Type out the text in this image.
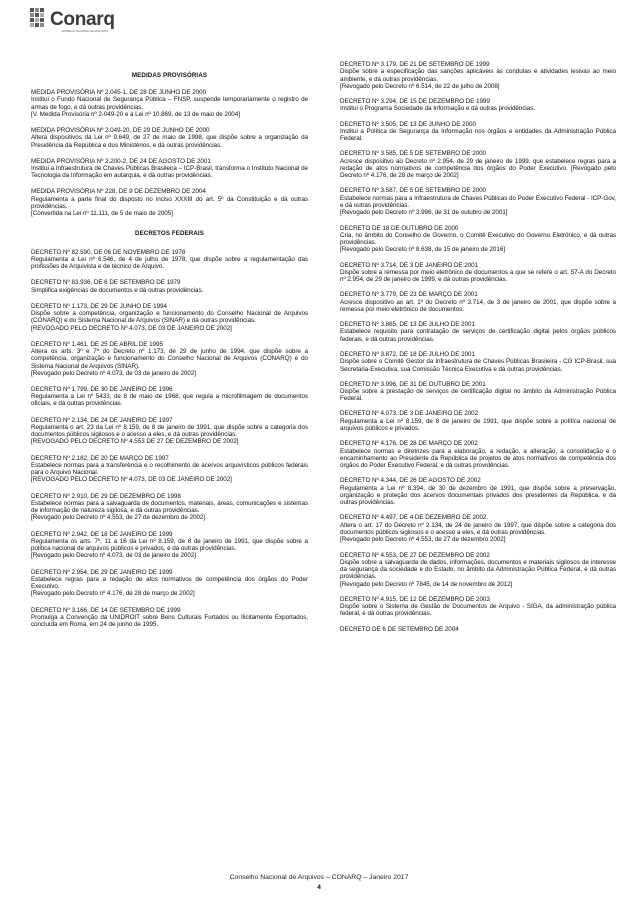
Conarq
CONSELHO NACIONAL DE ARQUIVOS
MEDIDAS PROVISÓRIAS
MEDIDA PROVISÓRIA Nº 2.045-1, DE 28 DE JUNHO DE 2000
Institui o Fundo Nacional de Segurança Pública – FNSP, suspende temporariamente o registro de armas de fogo, e dá outras providências.
[V. Medida Provisória nº 2-049-20 e a Lei nº 10.869, de 13 de maio de 2004]
MEDIDA PROVISÓRIA Nº 2.049-20, DE 29 DE JUNHO DE 2000
Altera dispositivos da Lei nº 9.649, de 27 de maio de 1998, que dispõe sobre a organização da Presidência da República e dos Ministérios, e dá outras providências.
MEDIDA PROVISÓRIA Nº 2.200-2, DE 24 DE AGOSTO DE 2001
Institui a Infraestrutura de Chaves Públicas Brasileira – ICP-Brasil, transforma o Instituto Nacional de Tecnologia da Informação em autarquia, e dá outras providências.
MEDIDA PROVISÓRIA Nº 228, DE 9 DE DEZEMBRO DE 2004
Regulamenta a parte final do disposto no inciso XXXIII do art. 5º da Constituição e dá outras providências.
[Convertida na Lei nº 11.111, de 5 de maio de 2005]
DECRETOS FEDERAIS
DECRETO Nº 82.590, DE 06 DE NOVEMBRO DE 1978
Regulamenta a Lei nº 6.546, de 4 de julho de 1978, que dispõe sobre a regulamentação das profissões de Arquivista e de técnico de Arquivo.
DECRETO Nº 83.936, DE 6 DE SETEMBRO DE 1979
Simplifica exigências de documentos e dá outras providências.
DECRETO Nº 1.173, DE 29 DE JUNHO DE 1994
Dispõe sobre a competência, organização e funcionamento do Conselho Nacional de Arquivos (CONARQ) e do Sistema Nacional de Arquivos (SINAR) e dá outras providências.
[REVOGADO PELO DECRETO Nº 4.073, DE 03 DE JANEIRO DE 2002]
DECRETO Nº 1.461, DE 25 DE ABRIL DE 1995
Altera os arts. 3º e 7º do Decreto nº 1.173, de 29 de junho de 1994, que dispõe sobre a competência, organização e funcionamento do Conselho Nacional de Arquivos (CONARQ) e do Sistema Nacional de Arquivos (SINAR).
[Revogado pelo Decreto nº 4.073, de 03 de janeiro de 2002]
DECRETO Nº 1.799, DE 30 DE JANEIRO DE 1996
Regulamenta a Lei nº 5433, de 8 de maio de 1968, que regula a microfilmagem de documentos oficiais, e dá outras providências.
DECRETO Nº 2.134, DE 24 DE JANEIRO DE 1997
Regulamenta o art. 23 da Lei nº 8.159, de 8 de janeiro de 1991, que dispõe sobre a categoria dos documentos públicos sigilosos e o acesso a eles, e dá outras providências.
[REVOGADO PELO DECRETO Nº 4.553 DE 27 DE DEZEMBRO DE 2002]
DECRETO Nº 2.182, DE 20 DE MARÇO DE 1997
Estabelece normas para a transferência e o recolhimento de acervos arquivísticos públicos federais para o Arquivo Nacional.
[REVOGADO PELO DECRETO Nº 4.073, DE 03 DE JANEIRO DE 2002]
DECRETO Nº 2.910, DE 29 DE DEZEMBRO DE 1998
Estabelece normas para a salvaguarda de documentos, materiais, áreas, comunicações e sistemas de informação de natureza sigilosa, e dá outras providências.
[Revogado pelo Decreto nº 4.553, de 27 de dezembro de 2002]
DECRETO Nº 2.942, DE 18 DE JANEIRO DE 1999
Regulamenta os arts. 7º, 11 a 16 da Lei nº 8.159, de 8 de janeiro de 1991, que dispõe sobre a política nacional de arquivos públicos e privados, e dá outras providências.
[Revogado pelo Decreto nº 4.073, de 03 de janeiro de 2002]
DECRETO Nº 2.954, DE 29 DE JANEIRO DE 1999
Estabelece regras para a redação de atos normativos de competência dos órgãos do Poder Executivo.
[Revogado pelo Decreto nº 4.176, de 28 de março de 2002]
DECRETO Nº 3.166, DE 14 DE SETEMBRO DE 1999
Promulga a Convenção da UNIDROIT sobre Bens Culturais Furtados ou Ilicitamente Exportados, concluída em Roma, em 24 de junho de 1995.
DECRETO Nº 3.179, DE 21 DE SETEMBRO DE 1999
Dispõe sobre a especificação das sanções aplicáveis às condutas e atividades lesivas ao meio ambiente, e dá outras providências.
[Revogado pelo Decreto nº 6.514, de 22 de julho de 2008]
DECRETO Nº 3.294, DE 15 DE DEZEMBRO DE 1999
Institui o Programa Sociedade da Informação e dá outras providências.
DECRETO Nº 3.505, DE 13 DE JUNHO DE 2000
Institui a Política de Segurança da Informação nos órgãos e entidades da Administração Pública Federal.
DECRETO Nº 3.585, DE 5 DE SETEMBRO DE 2000
Acresce dispositivo ao Decreto nº 2.954, de 29 de janeiro de 1999, que estabelece regras para a redação de atos normativos de competência dos órgãos do Poder Executivo. [Revogado pelo Decreto nº 4.176, de 28 de março de 2002]
DECRETO Nº 3.587, DE 5 DE SETEMBRO DE 2000
Estabelece normas para a Infraestrutura de Chaves Públicas do Poder Executivo Federal - ICP-Gov, e dá outras providências.
[Revogado pelo Decreto nº 3.996, de 31 de outubro de 2001]
DECRETO DE 18 DE OUTUBRO DE 2000
Cria, no âmbito do Conselho de Governo, o Comitê Executivo do Governo Eletrônico, e dá outras providências.
[Revogado pelo Decreto nº 8.638, de 15 de janeiro de 2016]
DECRETO Nº 3.714, DE 3 DE JANEIRO DE 2001
Dispõe sobre a remessa por meio eletrônico de documentos a que se refere o art. 57-A do Decreto nº 2.954, de 29 de janeiro de 1999, e dá outras providências.
DECRETO Nº 3.779, DE 23 DE MARÇO DE 2001
Acresce dispositivo ao art. 1º do Decreto nº 3.714, de 3 de janeiro de 2001, que dispõe sobre a remessa por meio eletrônico de documentos.
DECRETO Nº 3.865, DE 13 DE JULHO DE 2001
Estabelece requisito para contratação de serviços de certificação digital pelos órgãos públicos federais, e dá outras providências.
DECRETO Nº 3.872, DE 18 DE JULHO DE 2001
Dispõe sobre o Comitê Gestor da Infraestrutura de Chaves Públicas Brasileira - CG ICP-Brasil, sua Secretaria-Executiva, sua Comissão Técnica Executiva e dá outras providências.
DECRETO Nº 3.996, DE 31 DE OUTUBRO DE 2001
Dispõe sobre a prestação de serviços de certificação digital no âmbito da Administração Pública Federal.
DECRETO Nº 4.073, DE 3 DE JANEIRO DE 2002
Regulamenta a Lei nº 8.159, de 8 de janeiro de 1991, que dispõe sobre a política nacional de arquivos públicos e privados.
DECRETO Nº 4.176, DE 28 DE MARÇO DE 2002
Estabelece normas e diretrizes para a elaboração, a redação, a alteração, a consolidação e o encaminhamento ao Presidente da República de projetos de atos normativos de competência dos órgãos do Poder Executivo Federal, e dá outras providências.
DECRETO Nº 4.344, DE 26 DE AGOSTO DE 2002
Regulamenta a Lei nº 8.394, de 30 de dezembro de 1991, que dispõe sobre a preservação, organização e proteção dos acervos documentais privados dos presidentes da República, e dá outras providências.
DECRETO Nº 4.497, DE 4 DE DEZEMBRO DE 2002.
Altera o art. 17 do Decreto nº 2.134, de 24 de janeiro de 1997, que dispõe sobre a categoria dos documentos públicos sigilosos e o acesso a eles, e dá outras providências.
[Revogado pelo Decreto nº 4.553, de 27 de dezembro 2002]
DECRETO Nº 4.553, DE 27 DE DEZEMBRO DE 2002
Dispõe sobre a salvaguarda de dados, informações, documentos e materiais sigilosos de interesse da segurança da sociedade e do Estado, no âmbito da Administração Pública Federal, e dá outras providências.
[Revogado pelo Decreto nº 7845, de 14 de novembro de 2012]
DECRETO Nº 4.915, DE 12 DE DEZEMBRO DE 2003
Dispõe sobre o Sistema de Gestão de Documentos de Arquivo - SIGA, da administração pública federal, e dá outras providências.
DECRETO DE 6 DE SETEMBRO DE 2004
Conselho Nacional de Arquivos – CONARQ – Janeiro 2017
4
